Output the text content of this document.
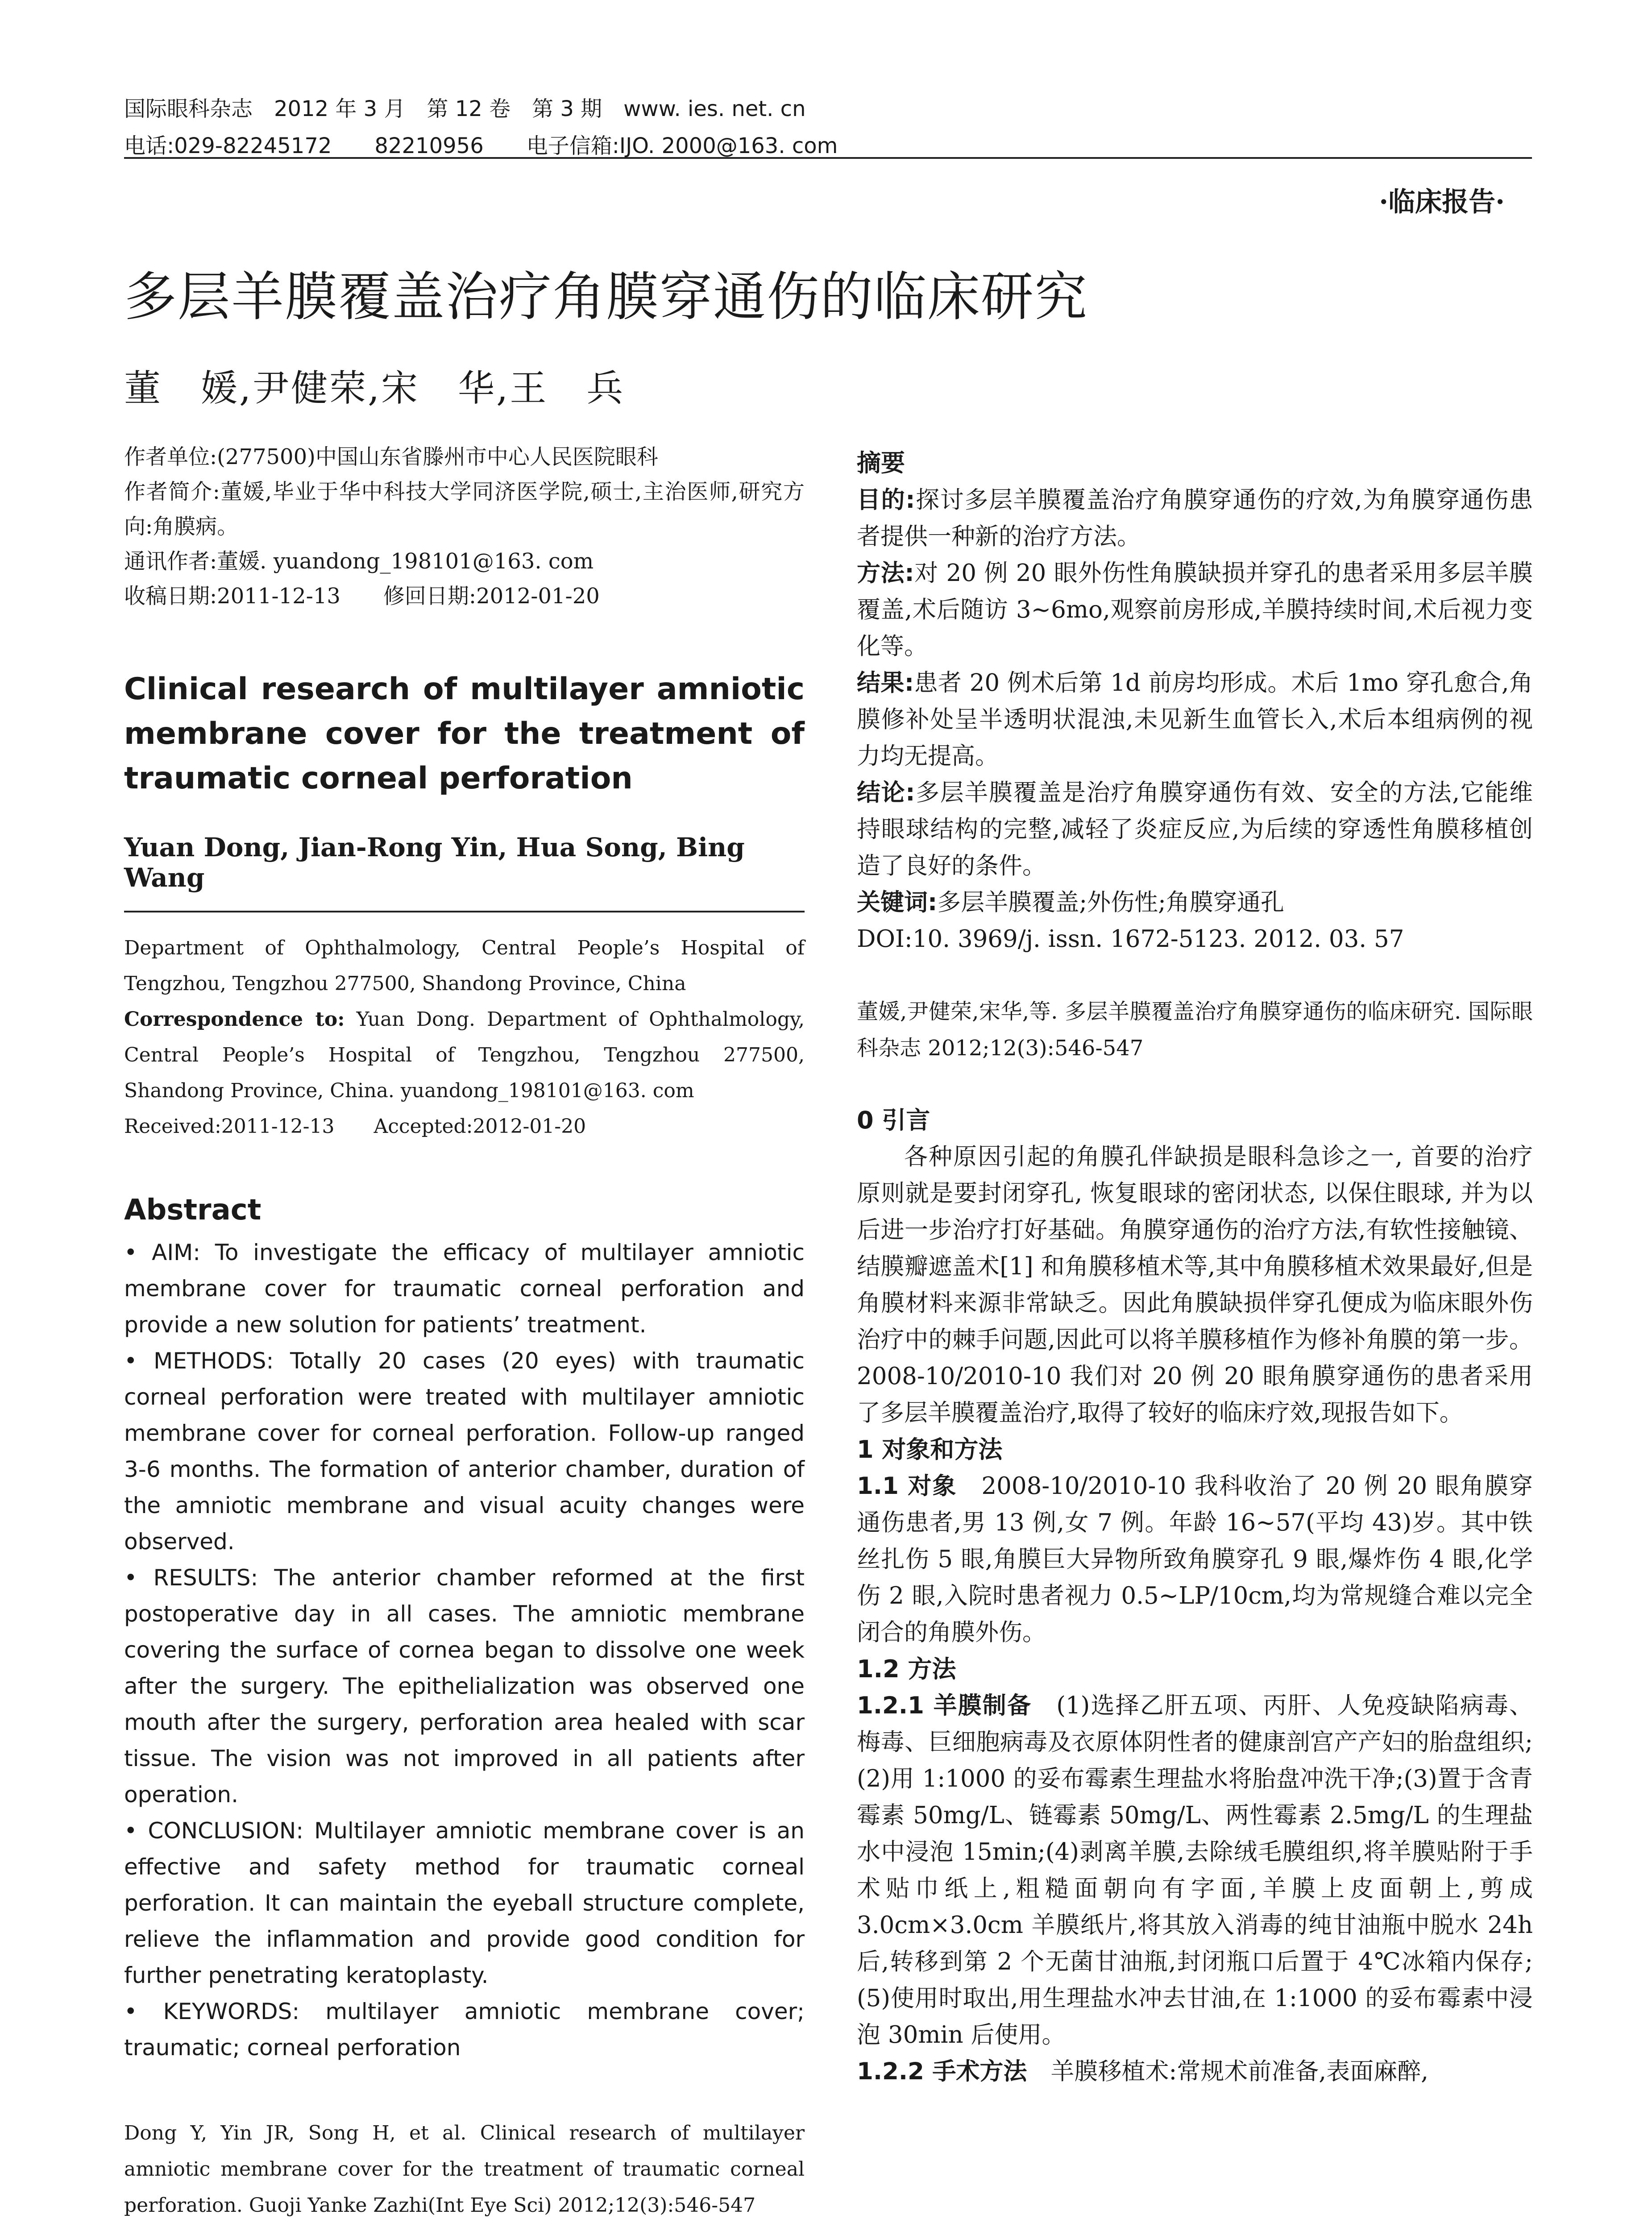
国际眼科杂志　2012 年 3 月　第 12 卷　第 3 期　www. ies. net. cn
电话:029-82245172　　82210956　　电子信箱:IJO. 2000@163. com
·临床报告·
多层羊膜覆盖治疗角膜穿通伤的临床研究
董　媛,尹健荣,宋　华,王　兵

作者单位:(277500)中国山东省滕州市中心人民医院眼科

作者简介:董媛,毕业于华中科技大学同济医学院,硕士,主治医师,研究方向:角膜病。

通讯作者:董媛. yuandong_198101@163. com

收稿日期:2011-12-13　　修回日期:2012-01-20

Clinical research of multilayer amniotic membrane cover for the treatment of traumatic corneal perforation
Yuan Dong, Jian-Rong Yin, Hua Song, Bing Wang

Department of Ophthalmology, Central People’s Hospital of Tengzhou, Tengzhou 277500, Shandong Province, China

Correspondence to: Yuan Dong. Department of Ophthalmology, Central People’s Hospital of Tengzhou, Tengzhou 277500, Shandong Province, China. yuandong_198101@163. com

Received:2011-12-13　　Accepted:2012-01-20

Abstract

• AIM: To investigate the efficacy of multilayer amniotic membrane cover for traumatic corneal perforation and provide a new solution for patients’ treatment.

• METHODS: Totally 20 cases (20 eyes) with traumatic corneal perforation were treated with multilayer amniotic membrane cover for corneal perforation. Follow-up ranged 3-6 months. The formation of anterior chamber, duration of the amniotic membrane and visual acuity changes were observed.

• RESULTS: The anterior chamber reformed at the first postoperative day in all cases. The amniotic membrane covering the surface of cornea began to dissolve one week after the surgery. The epithelialization was observed one mouth after the surgery, perforation area healed with scar tissue. The vision was not improved in all patients after operation.

• CONCLUSION: Multilayer amniotic membrane cover is an effective and safety method for traumatic corneal perforation. It can maintain the eyeball structure complete, relieve the inflammation and provide good condition for further penetrating keratoplasty.

• KEYWORDS: multilayer amniotic membrane cover; traumatic; corneal perforation

Dong Y, Yin JR, Song H, et al. Clinical research of multilayer amniotic membrane cover for the treatment of traumatic corneal perforation. Guoji Yanke Zazhi(Int Eye Sci) 2012;12(3):546-547
摘要

目的:探讨多层羊膜覆盖治疗角膜穿通伤的疗效,为角膜穿通伤患者提供一种新的治疗方法。

方法:对 20 例 20 眼外伤性角膜缺损并穿孔的患者采用多层羊膜覆盖,术后随访 3~6mo,观察前房形成,羊膜持续时间,术后视力变化等。

结果:患者 20 例术后第 1d 前房均形成。术后 1mo 穿孔愈合,角膜修补处呈半透明状混浊,未见新生血管长入,术后本组病例的视力均无提高。

结论:多层羊膜覆盖是治疗角膜穿通伤有效、安全的方法,它能维持眼球结构的完整,减轻了炎症反应,为后续的穿透性角膜移植创造了良好的条件。

关键词:多层羊膜覆盖;外伤性;角膜穿通孔

DOI:10. 3969/j. issn. 1672-5123. 2012. 03. 57

董媛,尹健荣,宋华,等. 多层羊膜覆盖治疗角膜穿通伤的临床研究. 国际眼科杂志 2012;12(3):546-547

0 引言

各种原因引起的角膜孔伴缺损是眼科急诊之一, 首要的治疗原则就是要封闭穿孔, 恢复眼球的密闭状态, 以保住眼球, 并为以后进一步治疗打好基础。角膜穿通伤的治疗方法,有软性接触镜、结膜瓣遮盖术[1] 和角膜移植术等,其中角膜移植术效果最好,但是角膜材料来源非常缺乏。因此角膜缺损伴穿孔便成为临床眼外伤治疗中的棘手问题,因此可以将羊膜移植作为修补角膜的第一步。2008-10/2010-10 我们对 20 例 20 眼角膜穿通伤的患者采用了多层羊膜覆盖治疗,取得了较好的临床疗效,现报告如下。

1 对象和方法

1.1 对象　2008-10/2010-10 我科收治了 20 例 20 眼角膜穿通伤患者,男 13 例,女 7 例。年龄 16~57(平均 43)岁。其中铁丝扎伤 5 眼,角膜巨大异物所致角膜穿孔 9 眼,爆炸伤 4 眼,化学伤 2 眼,入院时患者视力 0.5~LP/10cm,均为常规缝合难以完全闭合的角膜外伤。

1.2 方法

1.2.1 羊膜制备　(1)选择乙肝五项、丙肝、人免疫缺陷病毒、梅毒、巨细胞病毒及衣原体阴性者的健康剖宫产产妇的胎盘组织;(2)用 1:1000 的妥布霉素生理盐水将胎盘冲洗干净;(3)置于含青霉素 50mg/L、链霉素 50mg/L、两性霉素 2.5mg/L 的生理盐水中浸泡 15min;(4)剥离羊膜,去除绒毛膜组织,将羊膜贴附于手术贴巾纸上,粗糙面朝向有字面,羊膜上皮面朝上,剪成 3.0cm×3.0cm 羊膜纸片,将其放入消毒的纯甘油瓶中脱水 24h 后,转移到第 2 个无菌甘油瓶,封闭瓶口后置于 4℃冰箱内保存;(5)使用时取出,用生理盐水冲去甘油,在 1:1000 的妥布霉素中浸泡 30min 后使用。

1.2.2 手术方法　羊膜移植术:常规术前准备,表面麻醉,
